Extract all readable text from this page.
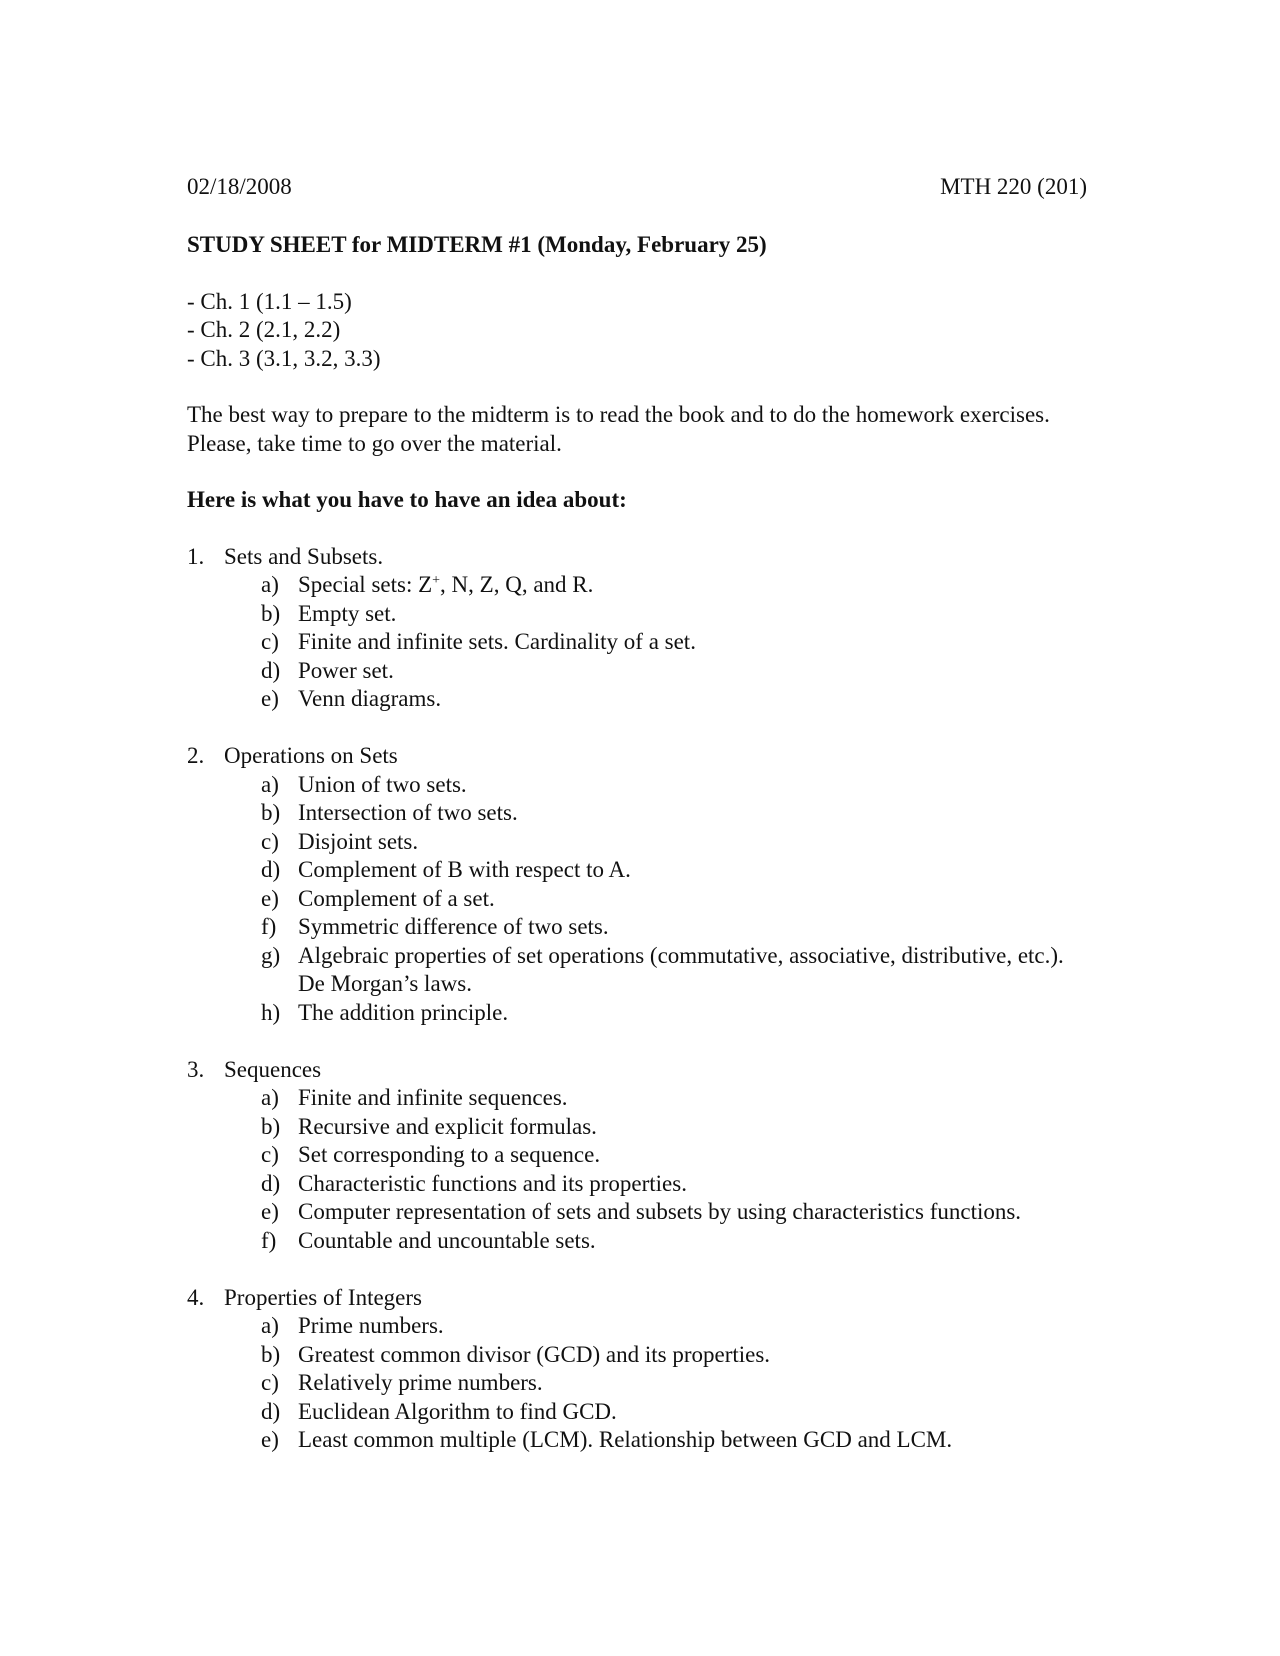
02/18/2008	MTH 220 (201)
STUDY SHEET for MIDTERM #1 (Monday, February 25)
- Ch. 1 (1.1 – 1.5)
- Ch. 2 (2.1, 2.2)
- Ch. 3 (3.1, 3.2, 3.3)
The best way to prepare to the midterm is to read the book and to do the homework exercises. Please, take time to go over the material.
Here is what you have to have an idea about:
1. Sets and Subsets.
a) Special sets: Z+, N, Z, Q, and R.
b) Empty set.
c) Finite and infinite sets. Cardinality of a set.
d) Power set.
e) Venn diagrams.
2. Operations on Sets
a) Union of two sets.
b) Intersection of two sets.
c) Disjoint sets.
d) Complement of B with respect to A.
e) Complement of a set.
f) Symmetric difference of two sets.
g) Algebraic properties of set operations (commutative, associative, distributive, etc.). De Morgan’s laws.
h) The addition principle.
3. Sequences
a) Finite and infinite sequences.
b) Recursive and explicit formulas.
c) Set corresponding to a sequence.
d) Characteristic functions and its properties.
e) Computer representation of sets and subsets by using characteristics functions.
f) Countable and uncountable sets.
4. Properties of Integers
a) Prime numbers.
b) Greatest common divisor (GCD) and its properties.
c) Relatively prime numbers.
d) Euclidean Algorithm to find GCD.
e) Least common multiple (LCM). Relationship between GCD and LCM.
